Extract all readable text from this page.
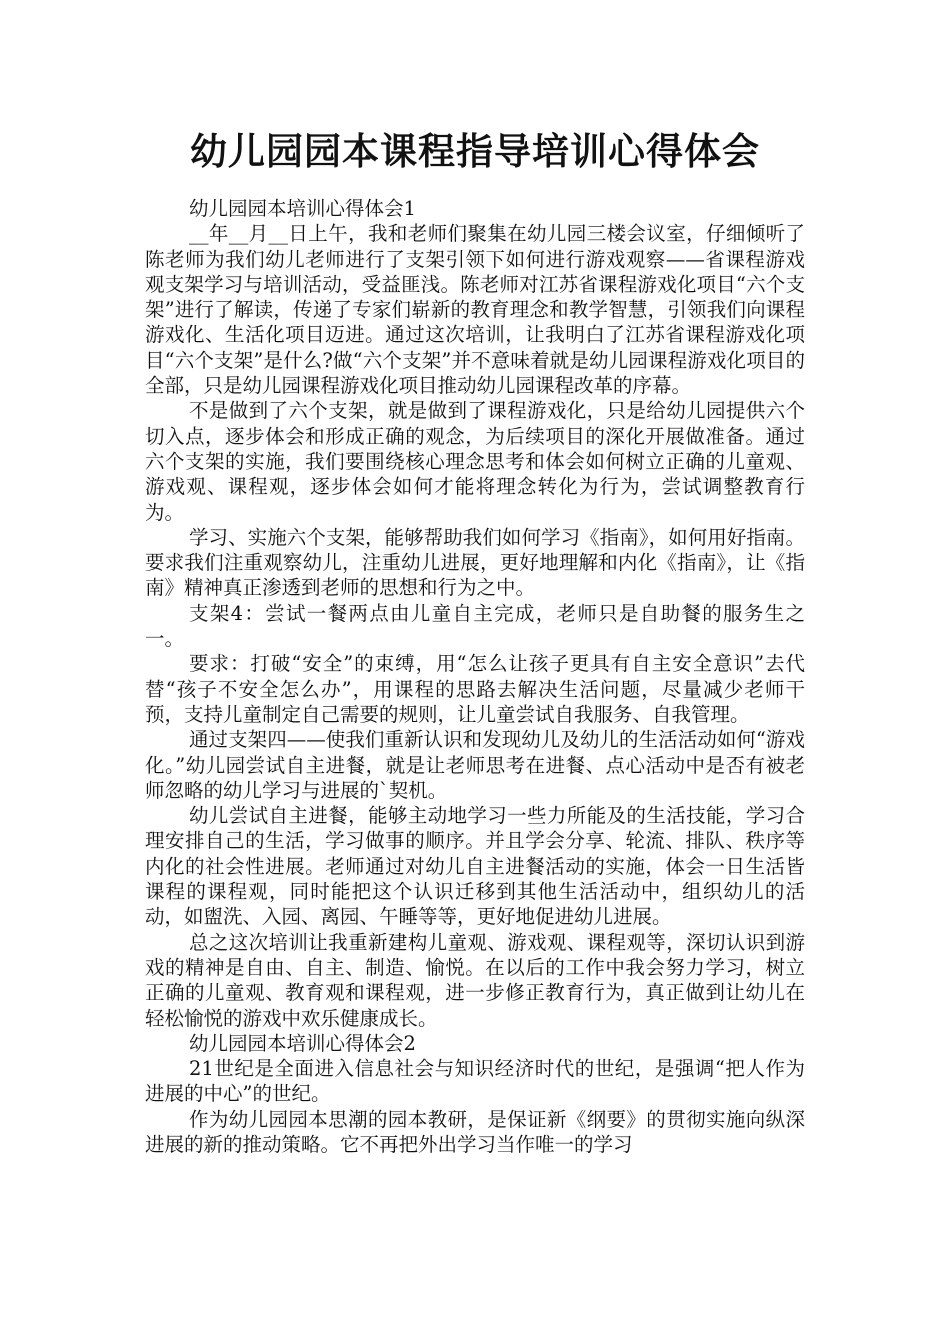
幼儿园园本课程指导培训心得体会

幼儿园园本培训心得体会1

__年__月__日上午，我和老师们聚集在幼儿园三楼会议室，仔细倾听了陈老师为我们幼儿老师进行了支架引领下如何进行游戏观察——省课程游戏观支架学习与培训活动，受益匪浅。陈老师对江苏省课程游戏化项目“六个支架”进行了解读，传递了专家们崭新的教育理念和教学智慧，引领我们向课程游戏化、生活化项目迈进。通过这次培训，让我明白了江苏省课程游戏化项目“六个支架”是什么?做“六个支架”并不意味着就是幼儿园课程游戏化项目的全部，只是幼儿园课程游戏化项目推动幼儿园课程改革的序幕。

不是做到了六个支架，就是做到了课程游戏化，只是给幼儿园提供六个切入点，逐步体会和形成正确的观念，为后续项目的深化开展做准备。通过六个支架的实施，我们要围绕核心理念思考和体会如何树立正确的儿童观、游戏观、课程观，逐步体会如何才能将理念转化为行为，尝试调整教育行为。

学习、实施六个支架，能够帮助我们如何学习《指南》，如何用好指南。要求我们注重观察幼儿，注重幼儿进展，更好地理解和内化《指南》，让《指南》精神真正渗透到老师的思想和行为之中。

支架4：尝试一餐两点由儿童自主完成，老师只是自助餐的服务生之一。

要求：打破“安全”的束缚，用“怎么让孩子更具有自主安全意识”去代替“孩子不安全怎么办”，用课程的思路去解决生活问题，尽量减少老师干预，支持儿童制定自己需要的规则，让儿童尝试自我服务、自我管理。

通过支架四——使我们重新认识和发现幼儿及幼儿的生活活动如何“游戏化。”幼儿园尝试自主进餐，就是让老师思考在进餐、点心活动中是否有被老师忽略的幼儿学习与进展的`契机。

幼儿尝试自主进餐，能够主动地学习一些力所能及的生活技能，学习合理安排自己的生活，学习做事的顺序。并且学会分享、轮流、排队、秩序等内化的社会性进展。老师通过对幼儿自主进餐活动的实施，体会一日生活皆课程的课程观，同时能把这个认识迁移到其他生活活动中，组织幼儿的活动，如盥洗、入园、离园、午睡等等，更好地促进幼儿进展。

总之这次培训让我重新建构儿童观、游戏观、课程观等，深切认识到游戏的精神是自由、自主、制造、愉悦。在以后的工作中我会努力学习，树立正确的儿童观、教育观和课程观，进一步修正教育行为，真正做到让幼儿在轻松愉悦的游戏中欢乐健康成长。

幼儿园园本培训心得体会2

21世纪是全面进入信息社会与知识经济时代的世纪，是强调“把人作为进展的中心”的世纪。

作为幼儿园园本思潮的园本教研，是保证新《纲要》的贯彻实施向纵深进展的新的推动策略。它不再把外出学习当作唯一的学习
